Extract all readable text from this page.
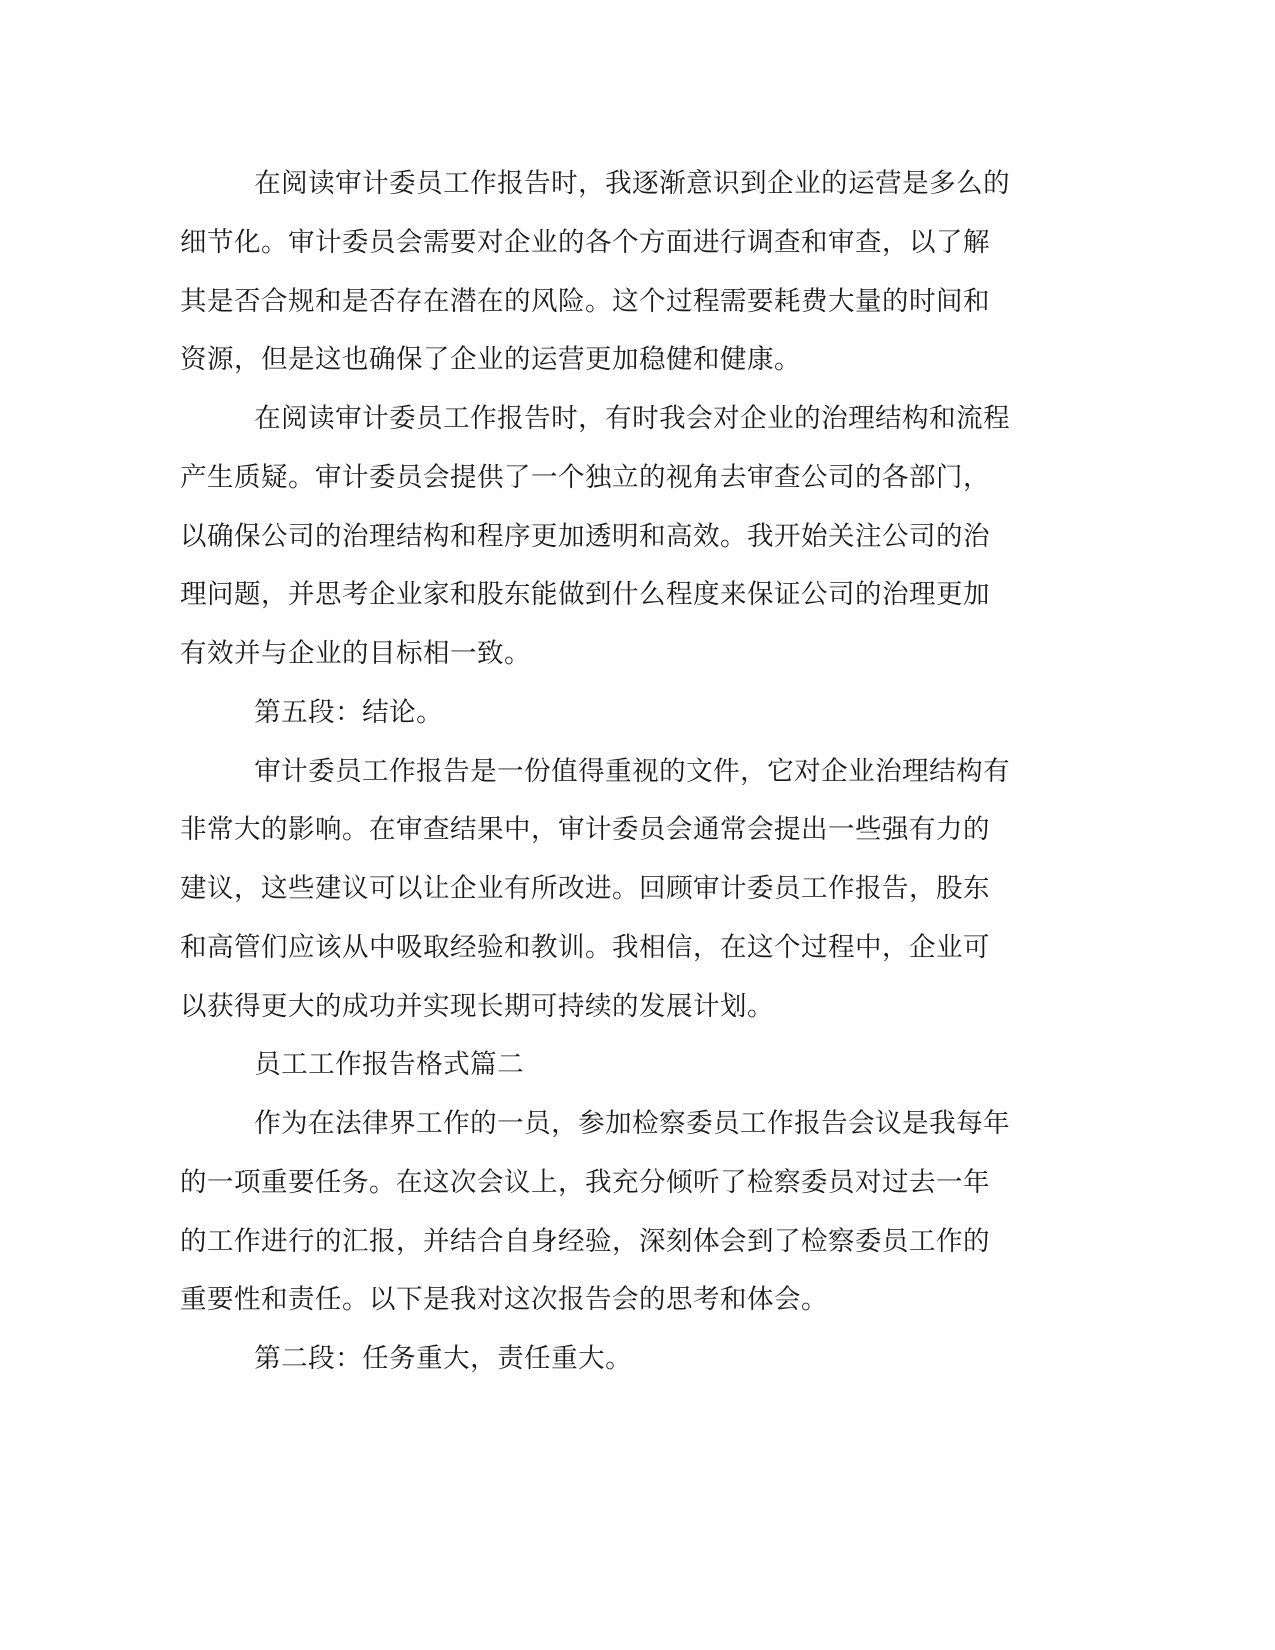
在阅读审计委员工作报告时，我逐渐意识到企业的运营是多么的
细节化。审计委员会需要对企业的各个方面进行调查和审查，以了解
其是否合规和是否存在潜在的风险。这个过程需要耗费大量的时间和
资源，但是这也确保了企业的运营更加稳健和健康。

在阅读审计委员工作报告时，有时我会对企业的治理结构和流程
产生质疑。审计委员会提供了一个独立的视角去审查公司的各部门，
以确保公司的治理结构和程序更加透明和高效。我开始关注公司的治
理问题，并思考企业家和股东能做到什么程度来保证公司的治理更加
有效并与企业的目标相一致。

第五段：结论。

审计委员工作报告是一份值得重视的文件，它对企业治理结构有
非常大的影响。在审查结果中，审计委员会通常会提出一些强有力的
建议，这些建议可以让企业有所改进。回顾审计委员工作报告，股东
和高管们应该从中吸取经验和教训。我相信，在这个过程中，企业可
以获得更大的成功并实现长期可持续的发展计划。

员工工作报告格式篇二

作为在法律界工作的一员，参加检察委员工作报告会议是我每年
的一项重要任务。在这次会议上，我充分倾听了检察委员对过去一年
的工作进行的汇报，并结合自身经验，深刻体会到了检察委员工作的
重要性和责任。以下是我对这次报告会的思考和体会。

第二段：任务重大，责任重大。
